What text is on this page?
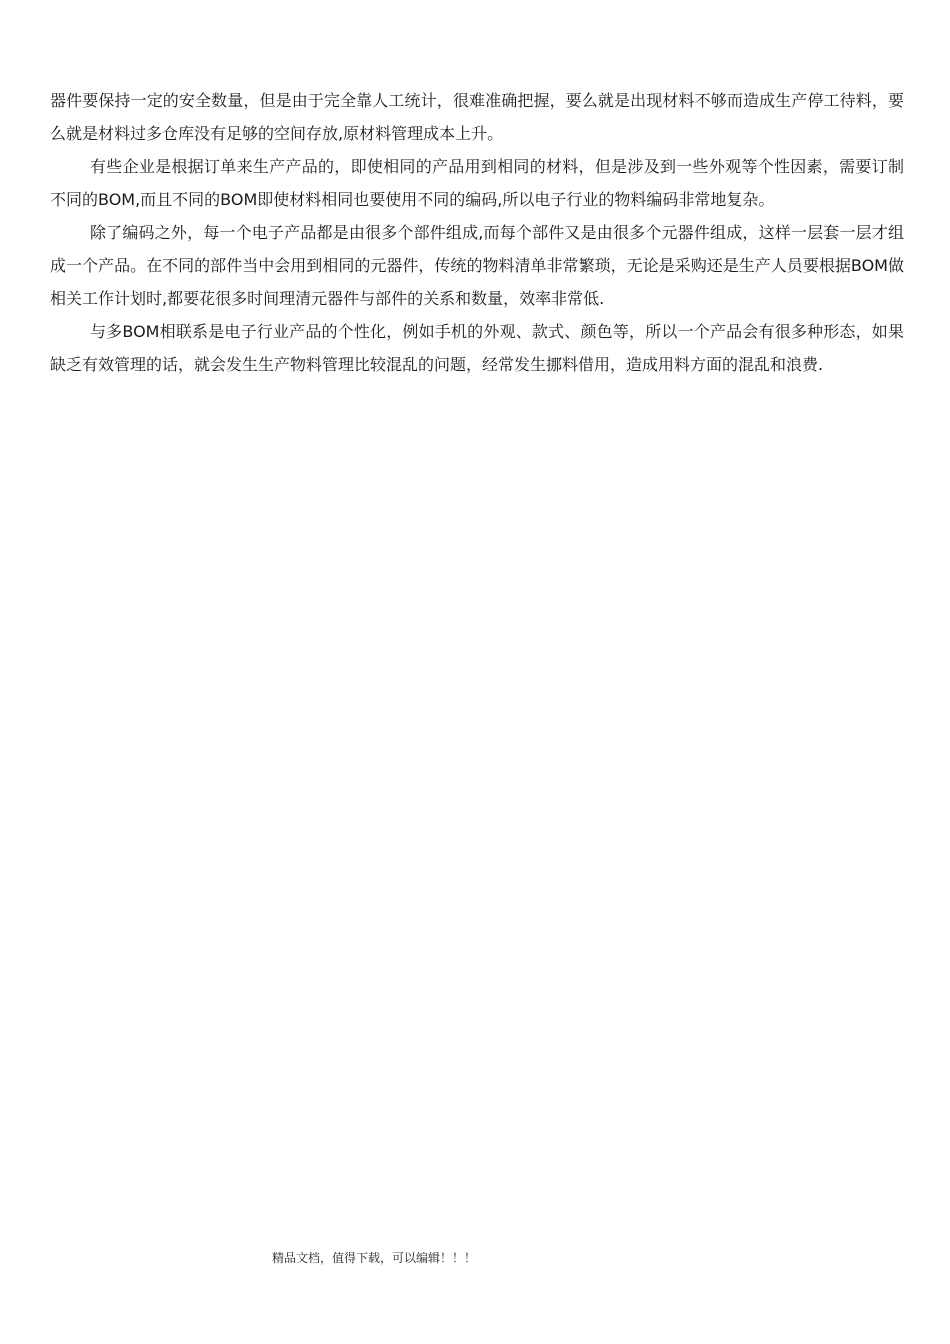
器件要保持一定的安全数量，但是由于完全靠人工统计，很难准确把握，要么就是出现材料不够而造成生产停工待料，要么就是材料过多仓库没有足够的空间存放,原材料管理成本上升。

有些企业是根据订单来生产产品的，即使相同的产品用到相同的材料，但是涉及到一些外观等个性因素，需要订制不同的BOM,而且不同的BOM即使材料相同也要使用不同的编码,所以电子行业的物料编码非常地复杂。

除了编码之外，每一个电子产品都是由很多个部件组成,而每个部件又是由很多个元器件组成，这样一层套一层才组成一个产品。在不同的部件当中会用到相同的元器件，传统的物料清单非常繁琐，无论是采购还是生产人员要根据BOM做相关工作计划时,都要花很多时间理清元器件与部件的关系和数量，效率非常低.

与多BOM相联系是电子行业产品的个性化，例如手机的外观、款式、颜色等，所以一个产品会有很多种形态，如果缺乏有效管理的话，就会发生生产物料管理比较混乱的问题，经常发生挪料借用，造成用料方面的混乱和浪费.

精品文档，值得下载，可以编辑！！！
